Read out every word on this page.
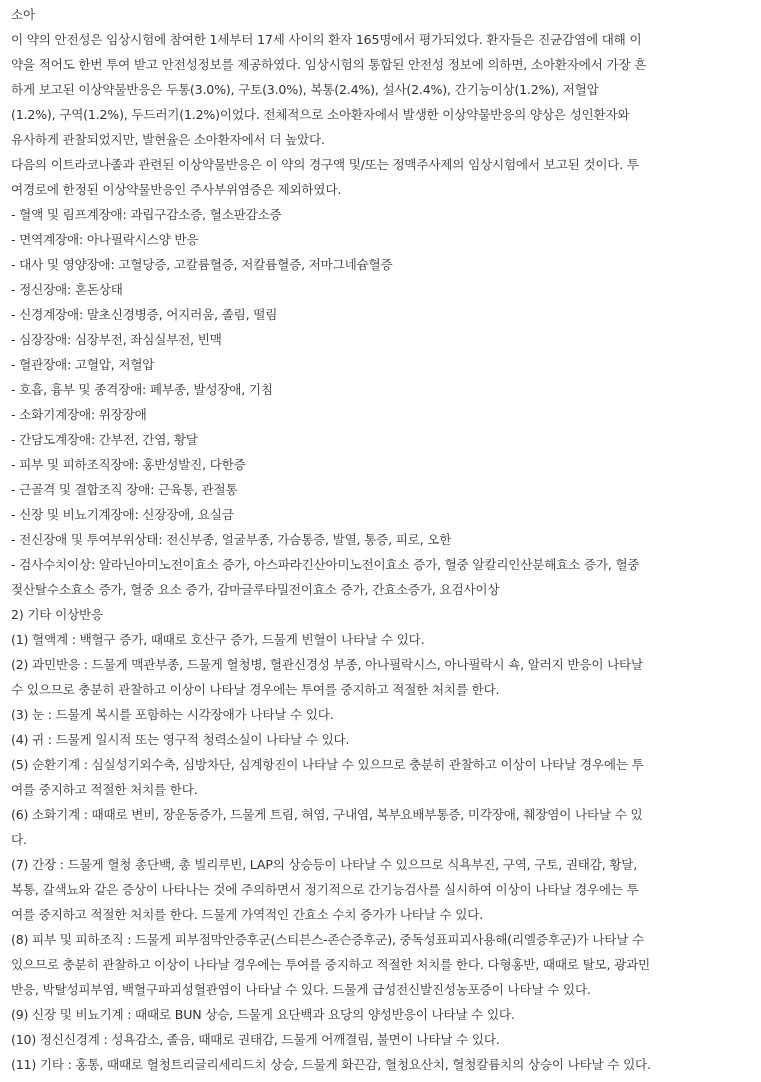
소아
이 약의 안전성은 임상시험에 참여한 1세부터 17세 사이의 환자 165명에서 평가되었다. 환자들은 진균감염에 대해 이
약을 적어도 한번 투여 받고 안전성정보를 제공하였다. 임상시험의 통합된 안전성 정보에 의하면, 소아환자에서 가장 흔
하게 보고된 이상약물반응은 두통(3.0%), 구토(3.0%), 복통(2.4%), 설사(2.4%), 간기능이상(1.2%), 저혈압
(1.2%), 구역(1.2%), 두드러기(1.2%)이었다. 전체적으로 소아환자에서 발생한 이상약물반응의 양상은 성인환자와
유사하게 관찰되었지만, 발현율은 소아환자에서 더 높았다.
다음의 이트라코나졸과 관련된 이상약물반응은 이 약의 경구액 및/또는 정맥주사제의 임상시험에서 보고된 것이다. 투
여경로에 한정된 이상약물반응인 주사부위염증은 제외하였다.
- 혈액 및 림프계장애: 과립구감소증, 혈소판감소증
- 면역계장애: 아나필락시스양 반응
- 대사 및 영양장애: 고혈당증, 고칼륨혈증, 저칼륨혈증, 저마그네슘혈증
- 정신장애: 혼돈상태
- 신경계장애: 말초신경병증, 어지러움, 졸림, 떨림
- 심장장애: 심장부전, 좌심실부전, 빈맥
- 혈관장애: 고혈압, 저혈압
- 호흡, 흉부 및 종격장애: 폐부종, 발성장애, 기침
- 소화기계장애: 위장장애
- 간담도계장애: 간부전, 간염, 황달
- 피부 및 피하조직장애: 홍반성발진, 다한증
- 근골격 및 결합조직 장애: 근육통, 관절통
- 신장 및 비뇨기계장애: 신장장애, 요실금
- 전신장애 및 투여부위상태: 전신부종, 얼굴부종, 가슴통증, 발열, 통증, 피로, 오한
- 검사수치이상: 알라닌아미노전이효소 증가, 아스파라긴산아미노전이효소 증가, 혈중 알칼리인산분해효소 증가, 혈중
젖산탈수소효소 증가, 혈중 요소 증가, 감마글루타밀전이효소 증가, 간효소증가, 요검사이상
2) 기타 이상반응
(1) 혈액계 : 백혈구 증가, 때때로 호산구 증가, 드물게 빈혈이 나타날 수 있다.
(2) 과민반응 : 드물게 맥관부종, 드물게 혈청병, 혈관신경성 부종, 아나필락시스, 아나필락시 쇽, 알러지 반응이 나타날
수 있으므로 충분히 관찰하고 이상이 나타날 경우에는 투여를 중지하고 적절한 처치를 한다.
(3) 눈 : 드물게 복시를 포함하는 시각장애가 나타날 수 있다.
(4) 귀 : 드물게 일시적 또는 영구적 청력소실이 나타날 수 있다.
(5) 순환기계 : 심실성기외수축, 심방차단, 심계항진이 나타날 수 있으므로 충분히 관찰하고 이상이 나타날 경우에는 투
여를 중지하고 적절한 처치를 한다.
(6) 소화기계 : 때때로 변비, 장운동증가, 드물게 트림, 혀염, 구내염, 복부요배부통증, 미각장애, 췌장염이 나타날 수 있
다.
(7) 간장 : 드물게 혈청 총단백, 총 빌리루빈, LAP의 상승등이 나타날 수 있으므로 식욕부진, 구역, 구토, 권태감, 황달,
복통, 갈색뇨와 같은 증상이 나타나는 것에 주의하면서 정기적으로 간기능검사를 실시하여 이상이 나타날 경우에는 투
여를 중지하고 적절한 처치를 한다. 드물게 가역적인 간효소 수치 증가가 나타날 수 있다.
(8) 피부 및 피하조직 : 드물게 피부점막안증후군(스티븐스-존슨증후군), 중독성표피괴사용해(리엘증후군)가 나타날 수
있으므로 충분히 관찰하고 이상이 나타날 경우에는 투여를 중지하고 적절한 처치를 한다. 다형홍반, 때때로 탈모, 광과민
반응, 박탈성피부염, 백혈구파괴성혈관염이 나타날 수 있다. 드물게 급성전신발진성농포증이 나타날 수 있다.
(9) 신장 및 비뇨기계 : 때때로 BUN 상승, 드물게 요단백과 요당의 양성반응이 나타날 수 있다.
(10) 정신신경계 : 성욕감소, 졸음, 때때로 권태감, 드물게 어깨결림, 불면이 나타날 수 있다.
(11) 기타 : 홍통, 때때로 혈청트리글리세리드치 상승, 드물게 화끈감, 혈청요산치, 혈청칼륨치의 상승이 나타날 수 있다.
